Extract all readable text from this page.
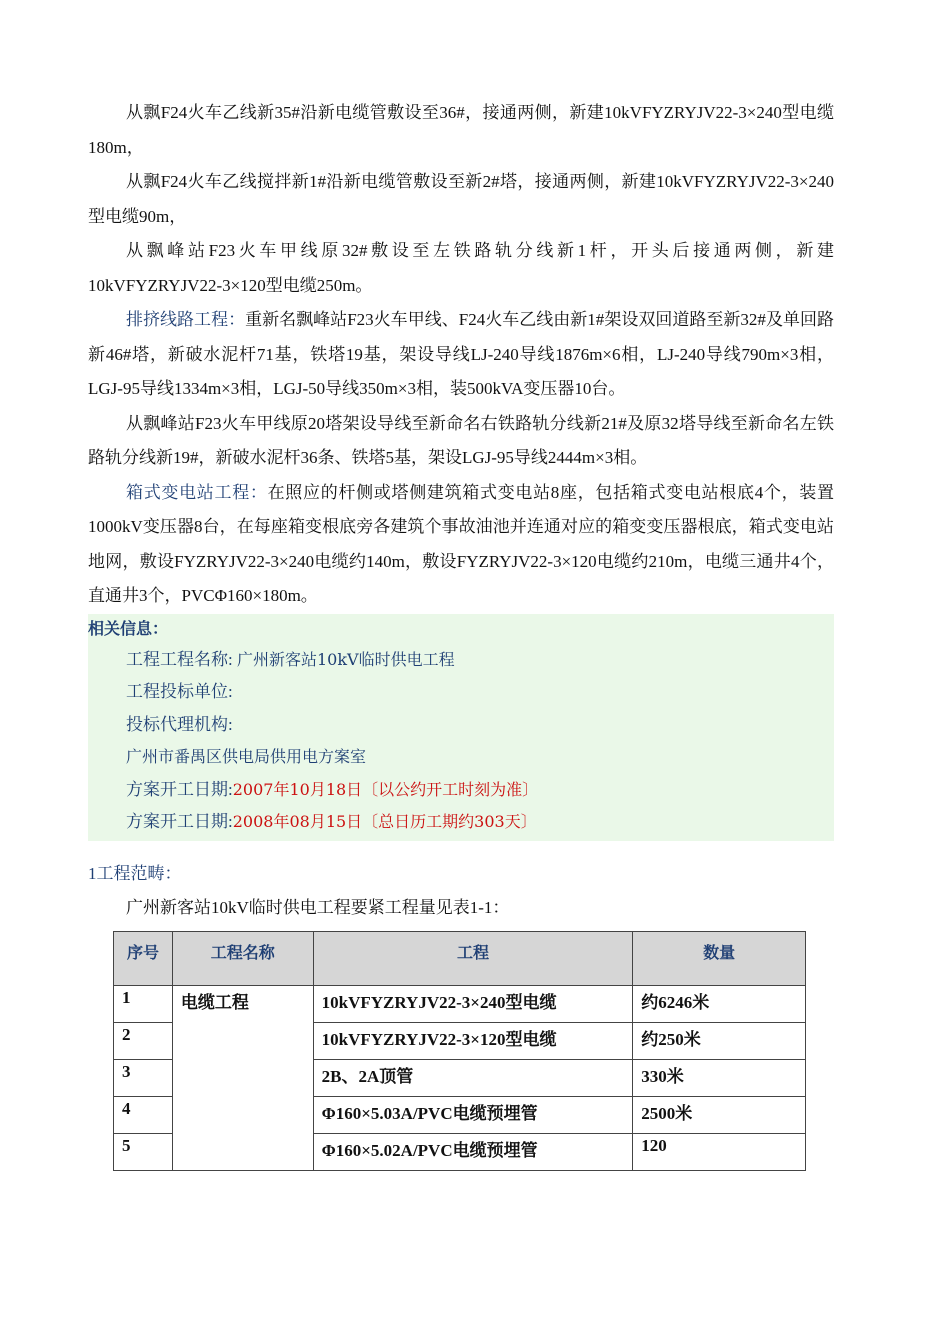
从飘F24火车乙线新35#沿新电缆管敷设至36#，接通两侧，新建10kVFYZRYJV22-3×240型电缆180m，

从飘F24火车乙线搅拌新1#沿新电缆管敷设至新2#塔，接通两侧，新建10kVFYZRYJV22-3×240型电缆90m，

从飘峰站F23火车甲线原32#敷设至左铁路轨分线新1杆，开头后接通两侧，新建10kVFYZRYJV22-3×120型电缆250m。

排挤线路工程：重新名飘峰站F23火车甲线、F24火车乙线由新1#架设双回道路至新32#及单回路新46#塔，新破水泥杆71基，铁塔19基，架设导线LJ-240导线1876m×6相，LJ-240导线790m×3相，LGJ-95导线1334m×3相，LGJ-50导线350m×3相，装500kVA变压器10台。

从飘峰站F23火车甲线原20塔架设导线至新命名右铁路轨分线新21#及原32塔导线至新命名左铁路轨分线新19#，新破水泥杆36条、铁塔5基，架设LGJ-95导线2444m×3相。

箱式变电站工程：在照应的杆侧或塔侧建筑箱式变电站8座，包括箱式变电站根底4个，装置1000kV变压器8台，在每座箱变根底旁各建筑个事故油池并连通对应的箱变变压器根底，箱式变电站地网，敷设FYZRYJV22-3×240电缆约140m，敷设FYZRYJV22-3×120电缆约210m，电缆三通井4个，直通井3个，PVCΦ160×180m。

相关信息：
工程工程名称: 广州新客站10kV临时供电工程
工程投标单位:
投标代理机构:
广州市番禺区供电局供用电方案室
方案开工日期:2007年10月18日〔以公约开工时刻为准〕
方案开工日期:2008年08月15日〔总日历工期约303天〕
1工程范畴：
广州新客站10kV临时供电工程要紧工程量见表1-1：
序号	工程名称	工程	数量
1	电缆工程	10kVFYZRYJV22-3×240型电缆	约6246米
2		10kVFYZRYJV22-3×120型电缆	约250米
3		2B、2A顶管	330米
4		Φ160×5.03A/PVC电缆预埋管	2500米
5		Φ160×5.02A/PVC电缆预埋管	120
